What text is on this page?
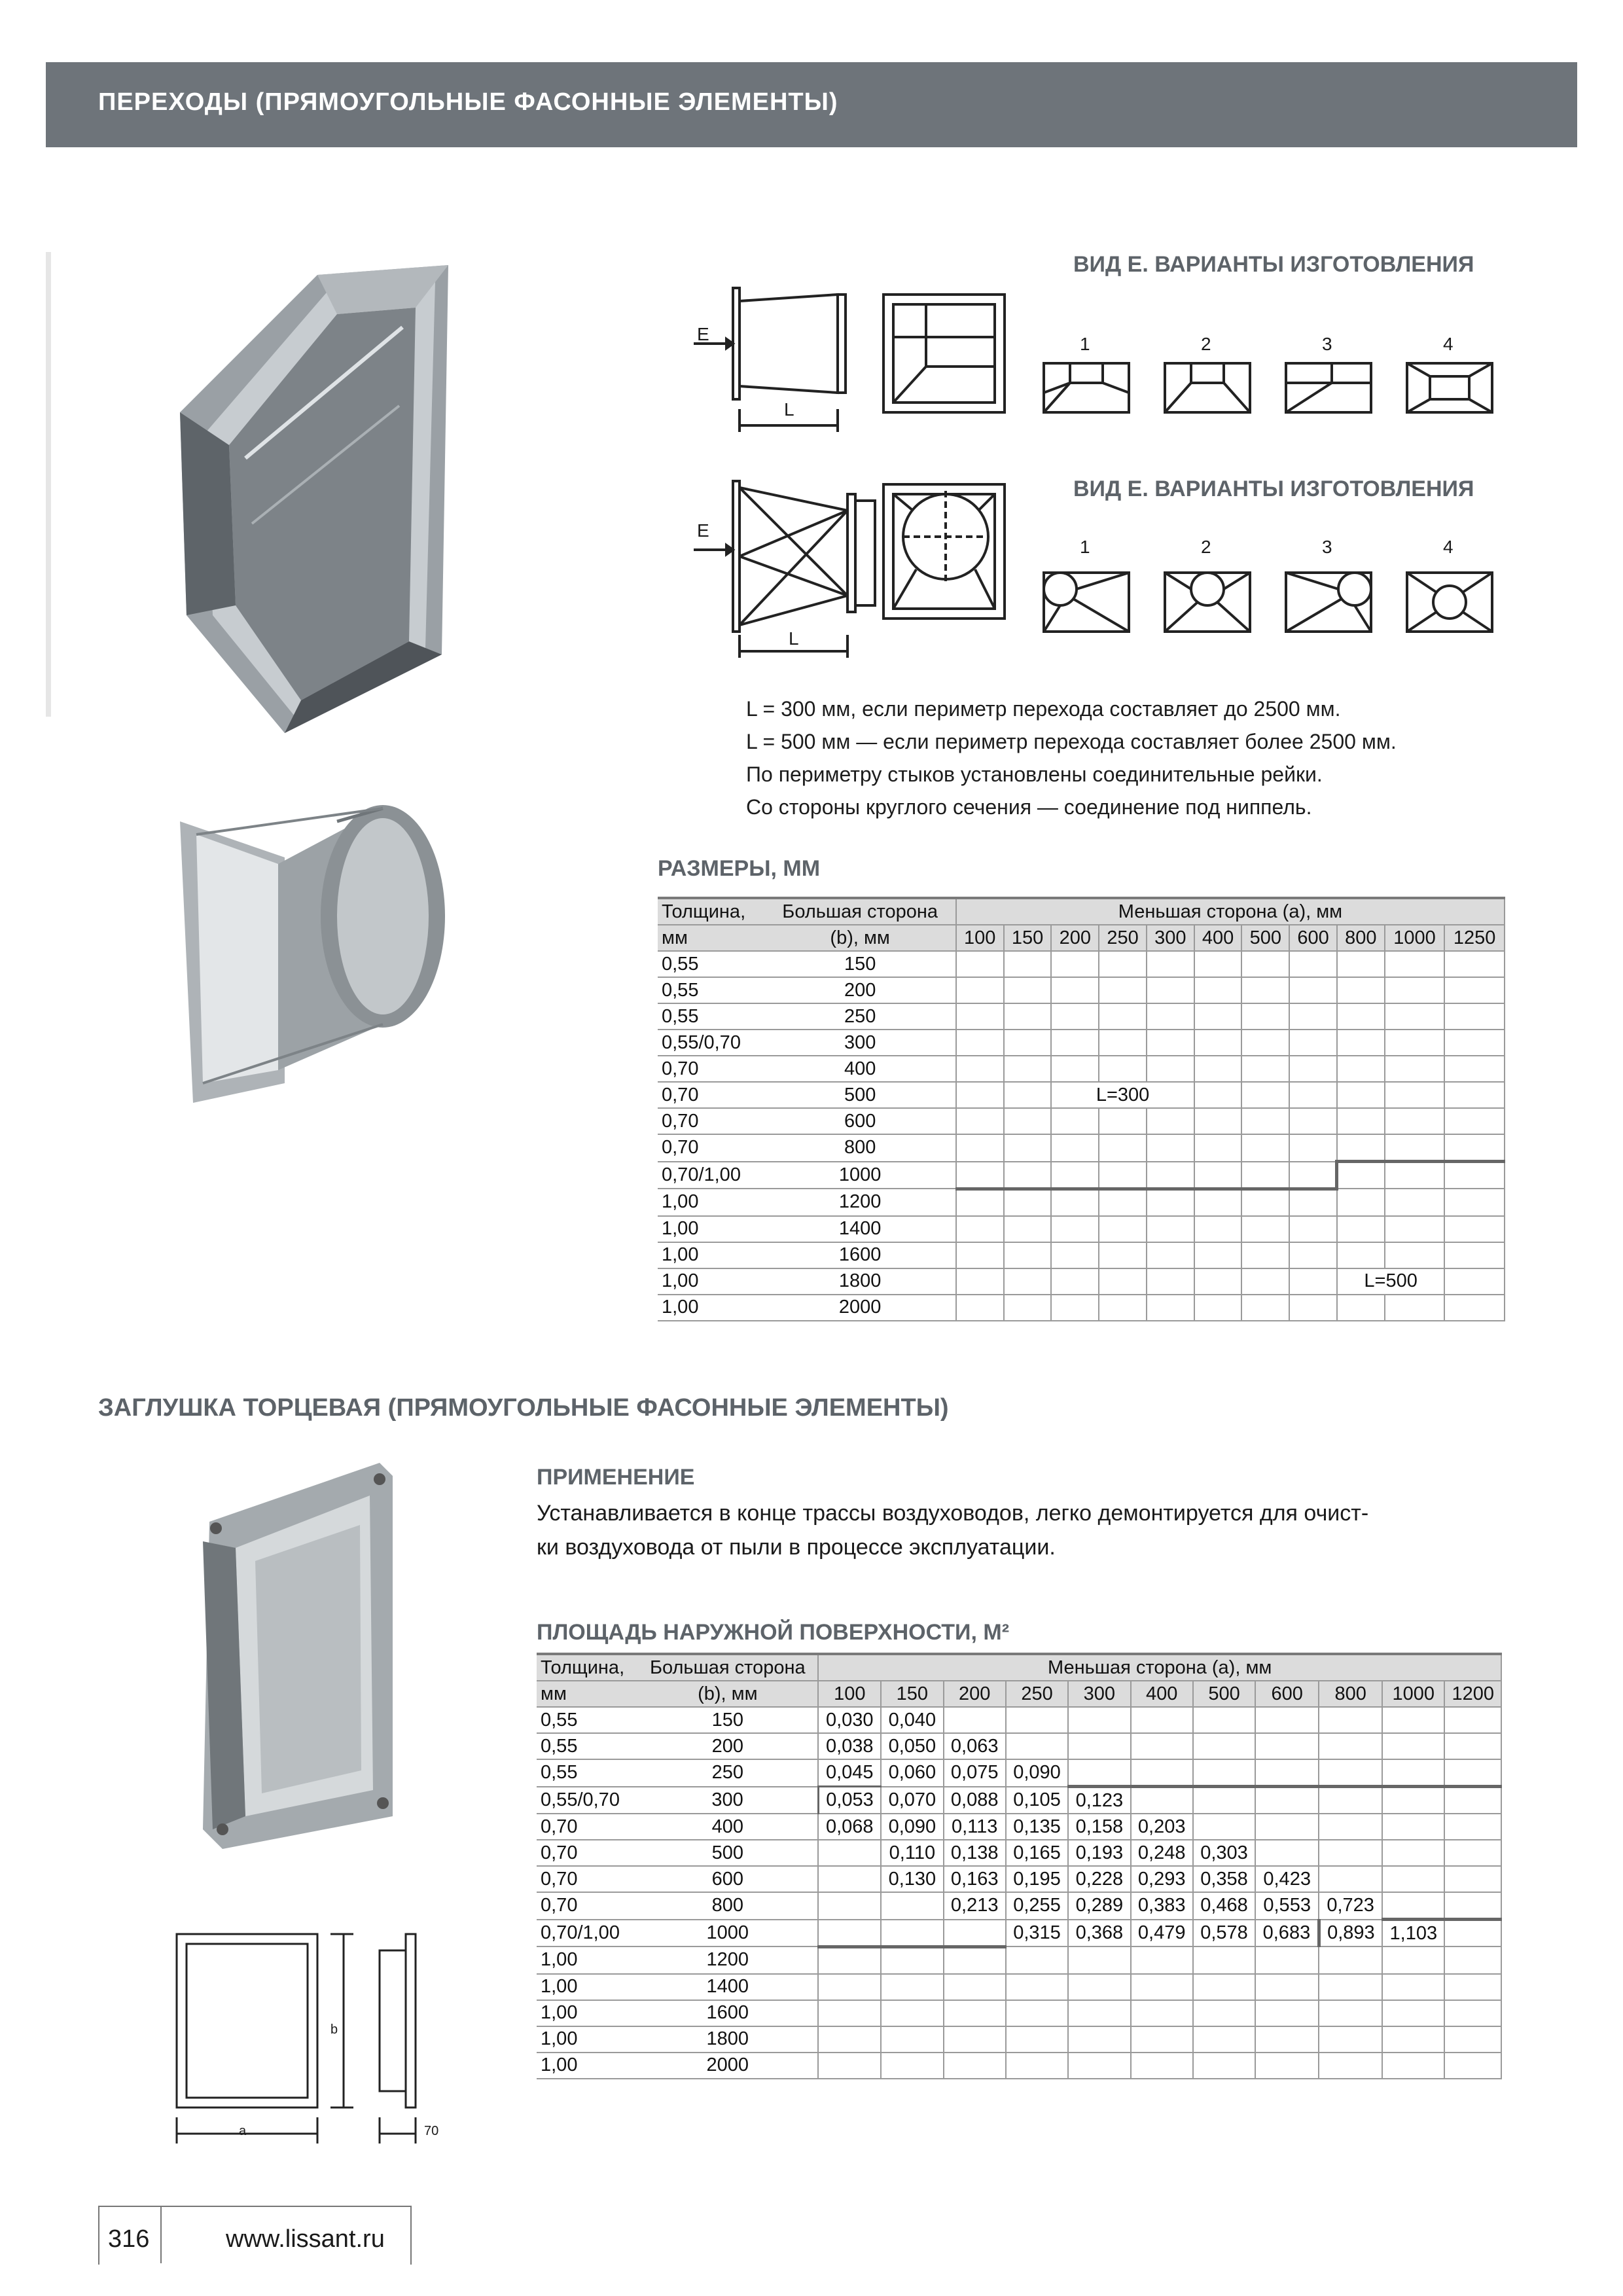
ПЕРЕХОДЫ (ПРЯМОУГОЛЬНЫЕ ФАСОННЫЕ ЭЛЕМЕНТЫ)
ВИД Е. ВАРИАНТЫ ИЗГОТОВЛЕНИЯ
ВИД Е. ВАРИАНТЫ ИЗГОТОВЛЕНИЯ
E
L
E
L
1	2	3	4
1	2	3	4
L = 300 мм, если периметр перехода составляет до 2500 мм.
L = 500 мм — если периметр перехода составляет более 2500 мм.
По периметру стыков установлены соединительные рейки.
Со стороны круглого сечения — соединение под ниппель.
РАЗМЕРЫ, ММ
Толщина,	Большая сторона	Меньшая сторона (a), мм										
мм	(b), мм	100	150	200	250	300	400	500	600	800	1000	1250
0,55	150											
0,55	200											
0,55	250											
0,55/0,70	300											
0,70	400											
0,70	500			L=300								
0,70	600											
0,70	800											
0,70/1,00	1000											
1,00	1200											
1,00	1400											
1,00	1600											
1,00	1800									L=500		
1,00	2000											
ЗАГЛУШКА ТОРЦЕВАЯ (ПРЯМОУГОЛЬНЫЕ ФАСОННЫЕ ЭЛЕМЕНТЫ)
a
b
70
ПРИМЕНЕНИЕ
Устанавливается в конце трассы воздуховодов, легко демонтируется для очист-
ки воздуховода от пыли в процессе эксплуатации.
ПЛОЩАДЬ НАРУЖНОЙ ПОВЕРХНОСТИ, М²
Толщина,	Большая сторона	Меньшая сторона (a), мм										
мм	(b), мм	100	150	200	250	300	400	500	600	800	1000	1200
0,55	150	0,030	0,040									
0,55	200	0,038	0,050	0,063								
0,55	250	0,045	0,060	0,075	0,090							
0,55/0,70	300	0,053	0,070	0,088	0,105	0,123						
0,70	400	0,068	0,090	0,113	0,135	0,158	0,203					
0,70	500		0,110	0,138	0,165	0,193	0,248	0,303				
0,70	600		0,130	0,163	0,195	0,228	0,293	0,358	0,423			
0,70	800			0,213	0,255	0,289	0,383	0,468	0,553	0,723		
0,70/1,00	1000				0,315	0,368	0,479	0,578	0,683	0,893	1,103	
1,00	1200											
1,00	1400											
1,00	1600											
1,00	1800											
1,00	2000											
316	www.lissant.ru
